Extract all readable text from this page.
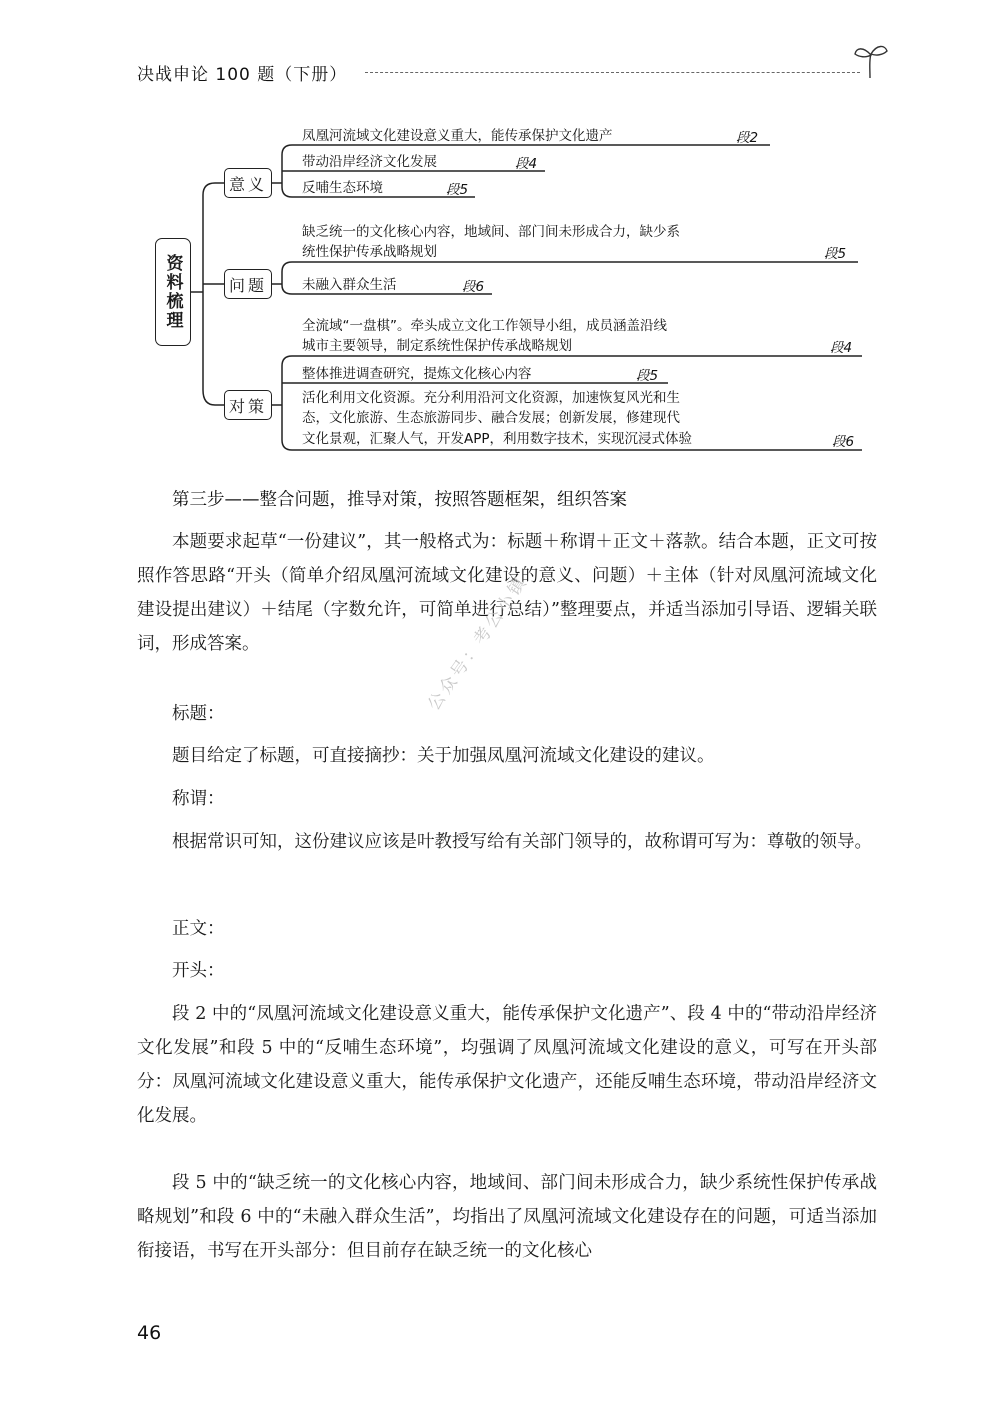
决战申论 100 题（下册）
资料梳理
意义
问题
对策
凤凰河流域文化建设意义重大，能传承保护文化遗产	段2
带动沿岸经济文化发展	段4
反哺生态环境	段5
缺乏统一的文化核心内容，地域间、部门间未形成合力，缺少系
统性保护传承战略规划	段5
未融入群众生活	段6
全流域“一盘棋”。牵头成立文化工作领导小组，成员涵盖沿线
城市主要领导，制定系统性保护传承战略规划	段4
整体推进调查研究，提炼文化核心内容	段5
活化利用文化资源。充分利用沿河文化资源，加速恢复风光和生
态，文化旅游、生态旅游同步、融合发展；创新发展，修建现代
文化景观，汇聚人气，开发APP，利用数字技术，实现沉浸式体验	段6
第三步——整合问题，推导对策，按照答题框架，组织答案
本题要求起草“一份建议”，其一般格式为：标题＋称谓＋正文＋落款。结合本题，正文可按照作答思路“开头（简单介绍凤凰河流域文化建设的意义、问题）＋主体（针对凤凰河流域文化建设提出建议）＋结尾（字数允许，可简单进行总结）”整理要点，并适当添加引导语、逻辑关联词，形成答案。
标题：
题目给定了标题，可直接摘抄：关于加强凤凰河流域文化建设的建议。
称谓：
根据常识可知，这份建议应该是叶教授写给有关部门领导的，故称谓可写为：尊敬的领导。
正文：
开头：
段 2 中的“凤凰河流域文化建设意义重大，能传承保护文化遗产”、段 4 中的“带动沿岸经济文化发展”和段 5 中的“反哺生态环境”，均强调了凤凰河流域文化建设的意义，可写在开头部分：凤凰河流域文化建设意义重大，能传承保护文化遗产，还能反哺生态环境，带动沿岸经济文化发展。
段 5 中的“缺乏统一的文化核心内容，地域间、部门间未形成合力，缺少系统性保护传承战略规划”和段 6 中的“未融入群众生活”，均指出了凤凰河流域文化建设存在的问题，可适当添加衔接语，书写在开头部分：但目前存在缺乏统一的文化核心
公众号：考公小镇
46
